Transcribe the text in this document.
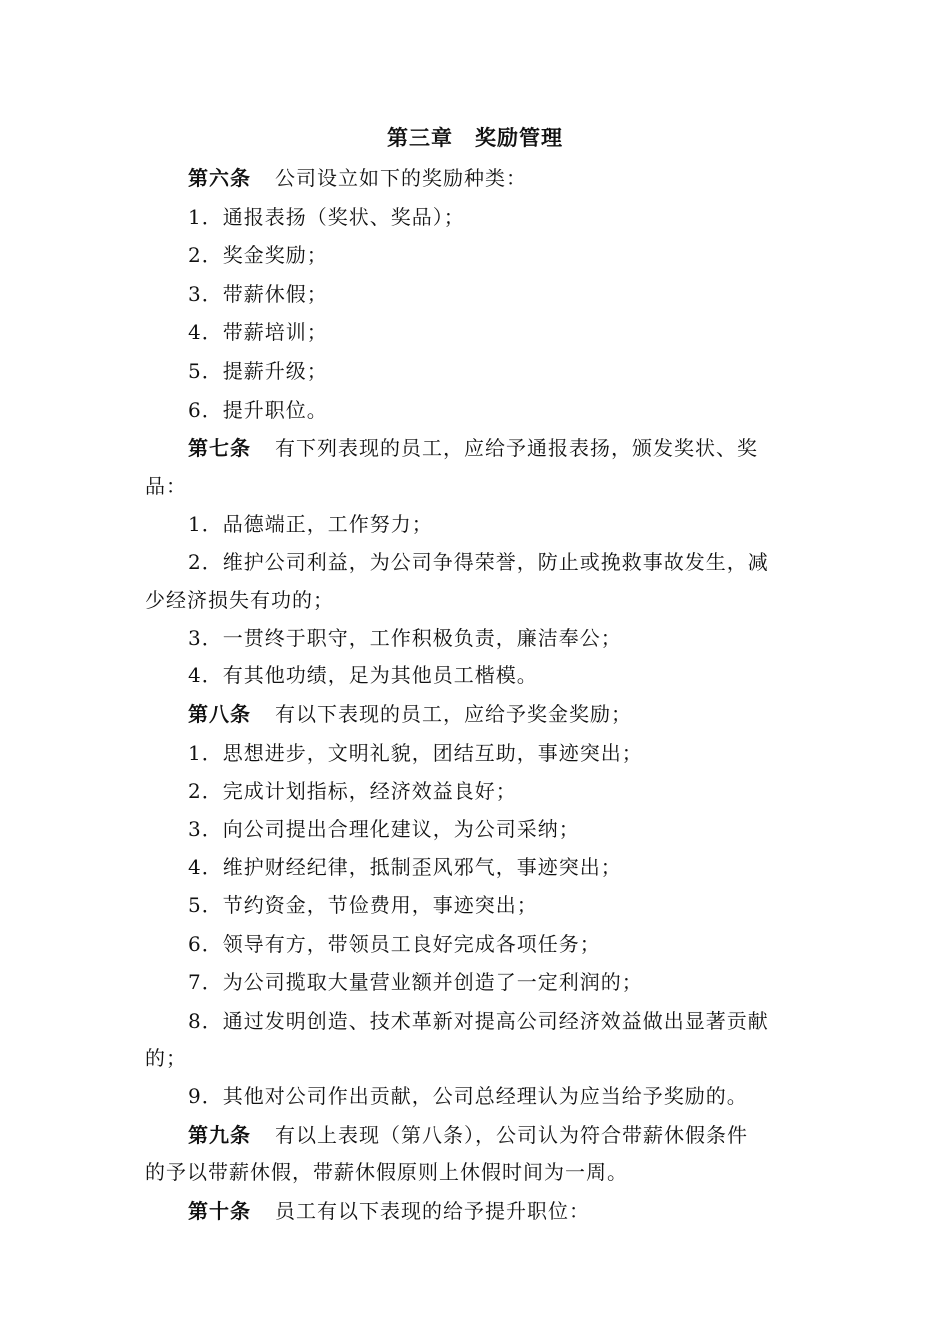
第三章　奖励管理
第六条 公司设立如下的奖励种类：
1．通报表扬（奖状、奖品）；
2．奖金奖励；
3．带薪休假；
4．带薪培训；
5．提薪升级；
6．提升职位。
第七条 有下列表现的员工，应给予通报表扬，颁发奖状、奖
品：
1．品德端正，工作努力；
2．维护公司利益，为公司争得荣誉，防止或挽救事故发生，减
少经济损失有功的；
3．一贯终于职守，工作积极负责，廉洁奉公；
4．有其他功绩，足为其他员工楷模。
第八条 有以下表现的员工，应给予奖金奖励；
1．思想进步，文明礼貌，团结互助，事迹突出；
2．完成计划指标，经济效益良好；
3．向公司提出合理化建议，为公司采纳；
4．维护财经纪律，抵制歪风邪气，事迹突出；
5．节约资金，节俭费用，事迹突出；
6．领导有方，带领员工良好完成各项任务；
7．为公司揽取大量营业额并创造了一定利润的；
8．通过发明创造、技术革新对提高公司经济效益做出显著贡献
的；
9．其他对公司作出贡献，公司总经理认为应当给予奖励的。
第九条 有以上表现（第八条），公司认为符合带薪休假条件
的予以带薪休假，带薪休假原则上休假时间为一周。
第十条 员工有以下表现的给予提升职位：
